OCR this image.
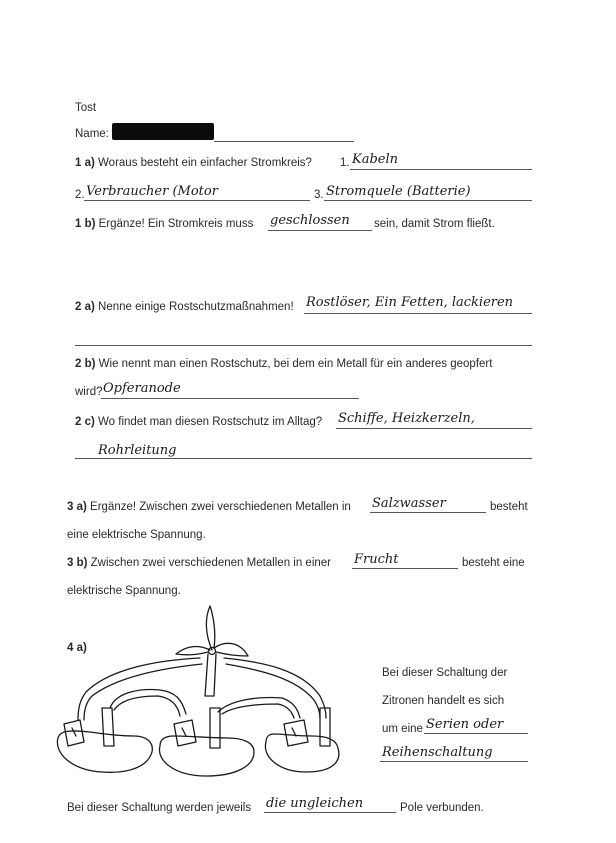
Tost
Name:
1 a) Woraus besteht ein einfacher Stromkreis? 1. Kabeln
2. Verbraucher (Motor	3. Stromquele (Batterie)
1 b) Ergänze! Ein Stromkreis muss geschlossen sein, damit Strom fließt.
2 a) Nenne einige Rostschutzmaßnahmen! Rostlöser, Ein Fetten, lackieren
2 b) Wie nennt man einen Rostschutz, bei dem ein Metall für ein anderes geopfert
wird? Opferanode
2 c) Wo findet man diesen Rostschutz im Alltag? Schiffe, Heizkerzeln,
Rohrleitung
3 a) Ergänze! Zwischen zwei verschiedenen Metallen in Salzwasser	besteht
eine elektrische Spannung.
3 b) Zwischen zwei verschiedenen Metallen in einer Frucht	besteht eine
elektrische Spannung.
4 a)
Bei dieser Schaltung der
Zitronen handelt es sich
um eine Serien oder
Reihenschaltung
Bei dieser Schaltung werden jeweils die ungleichen	Pole verbunden.
